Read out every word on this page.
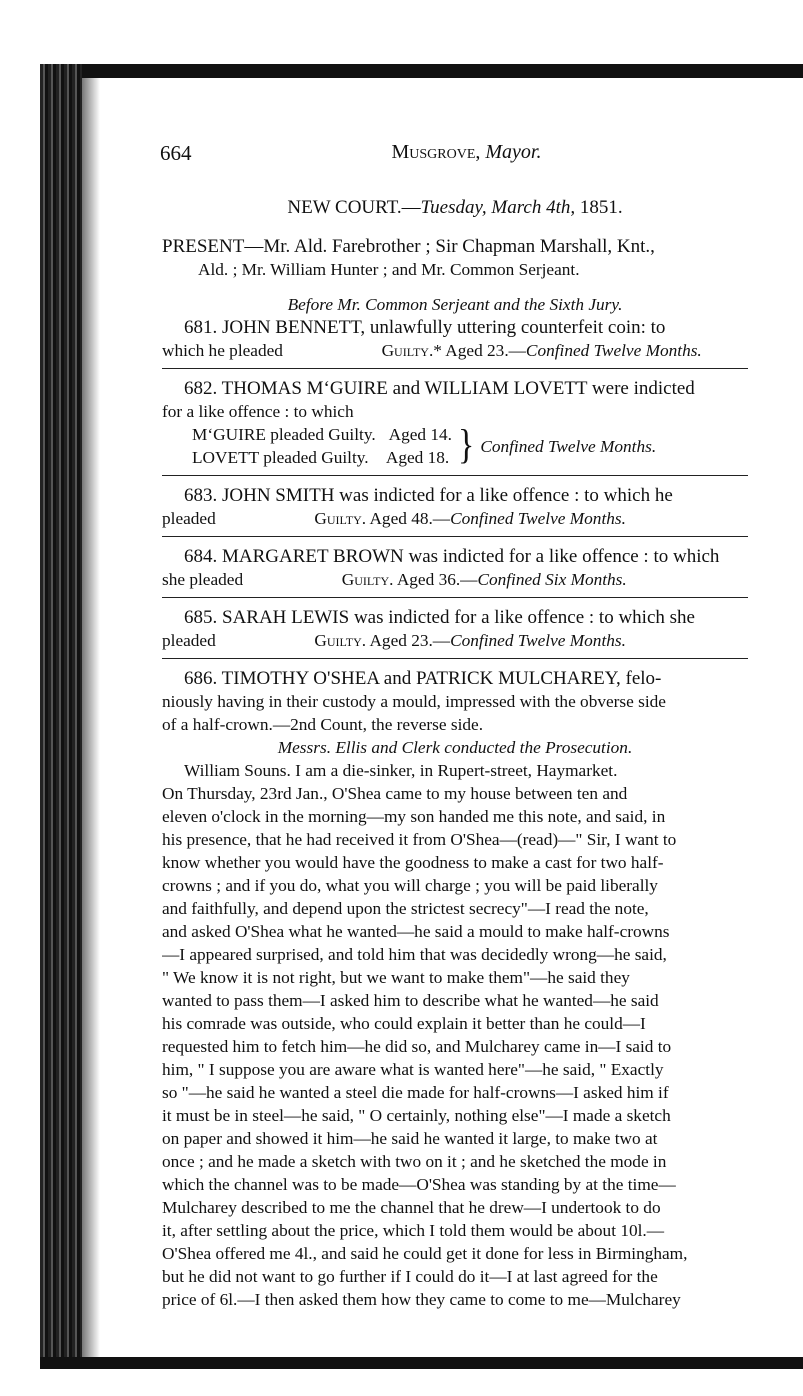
664	Musgrove, Mayor.
NEW COURT.—Tuesday, March 4th, 1851.
PRESENT—Mr. Ald. Farebrother ; Sir Chapman Marshall, Knt.,
Ald. ; Mr. William Hunter ; and Mr. Common Serjeant.
Before Mr. Common Serjeant and the Sixth Jury.
681. JOHN BENNETT, unlawfully uttering counterfeit coin: to
which he pleaded	Guilty.* Aged 23.—Confined Twelve Months.
682. THOMAS M‘GUIRE and WILLIAM LOVETT were indicted
for a like offence : to which
M‘GUIRE pleaded Guilty. Aged 14.
LOVETT pleaded Guilty. Aged 18. } Confined Twelve Months.
683. JOHN SMITH was indicted for a like offence : to which he
pleaded	Guilty. Aged 48.—Confined Twelve Months.
684. MARGARET BROWN was indicted for a like offence : to which
she pleaded	Guilty. Aged 36.—Confined Six Months.
685. SARAH LEWIS was indicted for a like offence : to which she
pleaded	Guilty. Aged 23.—Confined Twelve Months.
686. TIMOTHY O'SHEA and PATRICK MULCHAREY, felo-
niously having in their custody a mould, impressed with the obverse side
of a half-crown.—2nd Count, the reverse side.
Messrs. Ellis and Clerk conducted the Prosecution.
William Souns. I am a die-sinker, in Rupert-street, Haymarket.
On Thursday, 23rd Jan., O'Shea came to my house between ten and
eleven o'clock in the morning—my son handed me this note, and said, in
his presence, that he had received it from O'Shea—(read)—" Sir, I want to
know whether you would have the goodness to make a cast for two half-
crowns ; and if you do, what you will charge ; you will be paid liberally
and faithfully, and depend upon the strictest secrecy"—I read the note,
and asked O'Shea what he wanted—he said a mould to make half-crowns
—I appeared surprised, and told him that was decidedly wrong—he said,
" We know it is not right, but we want to make them"—he said they
wanted to pass them—I asked him to describe what he wanted—he said
his comrade was outside, who could explain it better than he could—I
requested him to fetch him—he did so, and Mulcharey came in—I said to
him, " I suppose you are aware what is wanted here"—he said, " Exactly
so "—he said he wanted a steel die made for half-crowns—I asked him if
it must be in steel—he said, " O certainly, nothing else"—I made a sketch
on paper and showed it him—he said he wanted it large, to make two at
once ; and he made a sketch with two on it ; and he sketched the mode in
which the channel was to be made—O'Shea was standing by at the time—
Mulcharey described to me the channel that he drew—I undertook to do
it, after settling about the price, which I told them would be about 10l.—
O'Shea offered me 4l., and said he could get it done for less in Birmingham,
but he did not want to go further if I could do it—I at last agreed for the
price of 6l.—I then asked them how they came to come to me—Mulcharey
